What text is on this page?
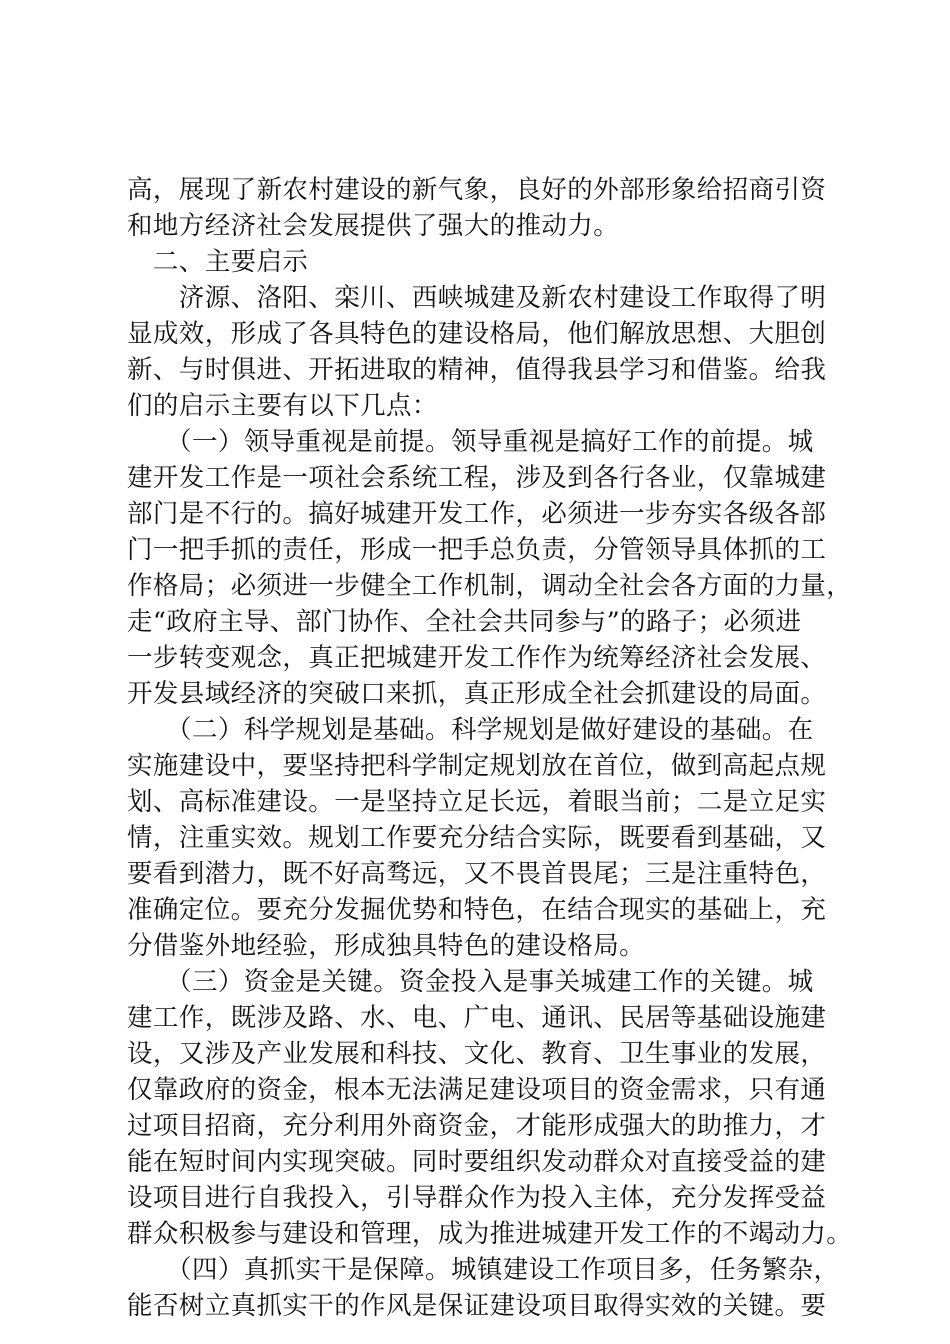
高，展现了新农村建设的新气象，良好的外部形象给招商引资
和地方经济社会发展提供了强大的推动力。
　二、主要启示
　　济源、洛阳、栾川、西峡城建及新农村建设工作取得了明
显成效，形成了各具特色的建设格局，他们解放思想、大胆创
新、与时俱进、开拓进取的精神，值得我县学习和借鉴。给我
们的启示主要有以下几点：
　　（一）领导重视是前提。领导重视是搞好工作的前提。城
建开发工作是一项社会系统工程，涉及到各行各业，仅靠城建
部门是不行的。搞好城建开发工作，必须进一步夯实各级各部
门一把手抓的责任，形成一把手总负责，分管领导具体抓的工
作格局；必须进一步健全工作机制，调动全社会各方面的力量，
走“政府主导、部门协作、全社会共同参与”的路子；必须进
一步转变观念，真正把城建开发工作作为统筹经济社会发展、
开发县域经济的突破口来抓，真正形成全社会抓建设的局面。
　　（二）科学规划是基础。科学规划是做好建设的基础。在
实施建设中，要坚持把科学制定规划放在首位，做到高起点规
划、高标准建设。一是坚持立足长远，着眼当前；二是立足实
情，注重实效。规划工作要充分结合实际，既要看到基础，又
要看到潜力，既不好高骛远，又不畏首畏尾；三是注重特色，
准确定位。要充分发掘优势和特色，在结合现实的基础上，充
分借鉴外地经验，形成独具特色的建设格局。
　　（三）资金是关键。资金投入是事关城建工作的关键。城
建工作，既涉及路、水、电、广电、通讯、民居等基础设施建
设，又涉及产业发展和科技、文化、教育、卫生事业的发展，
仅靠政府的资金，根本无法满足建设项目的资金需求，只有通
过项目招商，充分利用外商资金，才能形成强大的助推力，才
能在短时间内实现突破。同时要组织发动群众对直接受益的建
设项目进行自我投入，引导群众作为投入主体，充分发挥受益
群众积极参与建设和管理，成为推进城建开发工作的不竭动力。
　　（四）真抓实干是保障。城镇建设工作项目多，任务繁杂，
能否树立真抓实干的作风是保证建设项目取得实效的关键。要
